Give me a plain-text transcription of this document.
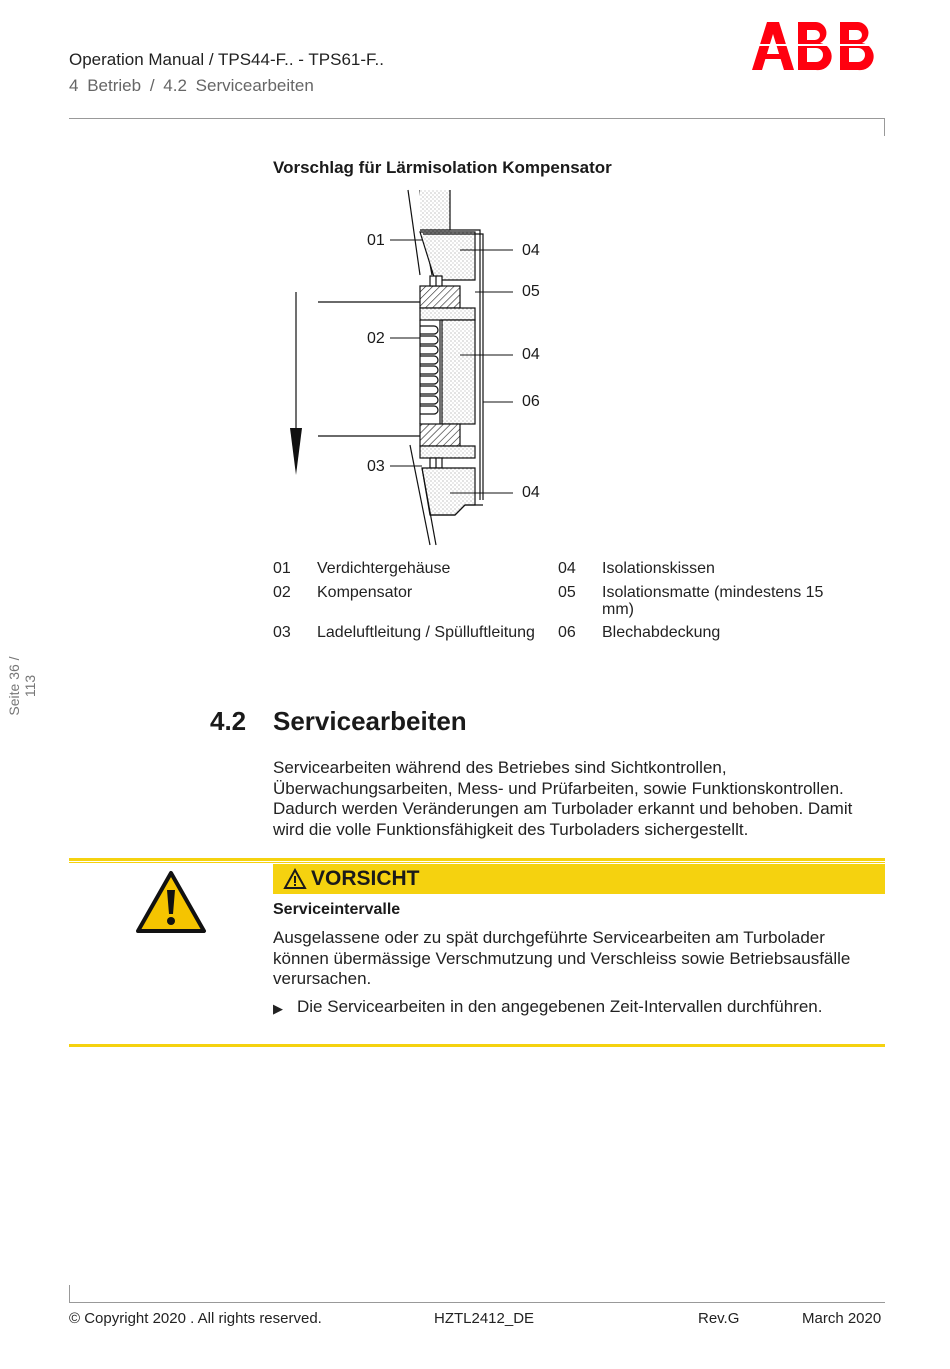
Operation Manual / TPS44-F.. - TPS61-F..
4 Betrieb / 4.2 Servicearbeiten
Vorschlag für Lärmisolation Kompensator
01
02
03
04
05
04
06
04
01	Verdichtergehäuse	04	Isolationskissen
02	Kompensator	05	Isolationsmatte (mindestens 15 mm)
03	Ladeluftleitung / Spülluftleitung	06	Blechabdeckung
Seite 36 / 113
4.2 Servicearbeiten
Servicearbeiten während des Betriebes sind Sichtkontrollen, Überwachungsarbeiten, Mess- und Prüfarbeiten, sowie Funktionskontrollen. Dadurch werden Veränderungen am Turbolader erkannt und behoben. Damit wird die volle Funktionsfähigkeit des Turboladers sichergestellt.
VORSICHT
Serviceintervalle
Ausgelassene oder zu spät durchgeführte Servicearbeiten am Turbolader können übermässige Verschmutzung und Verschleiss sowie Betriebsausfälle verursachen.
▶ Die Servicearbeiten in den angegebenen Zeit-Intervallen durchführen.
© Copyright 2020 . All rights reserved.	HZTL2412_DE	Rev.G	March 2020
